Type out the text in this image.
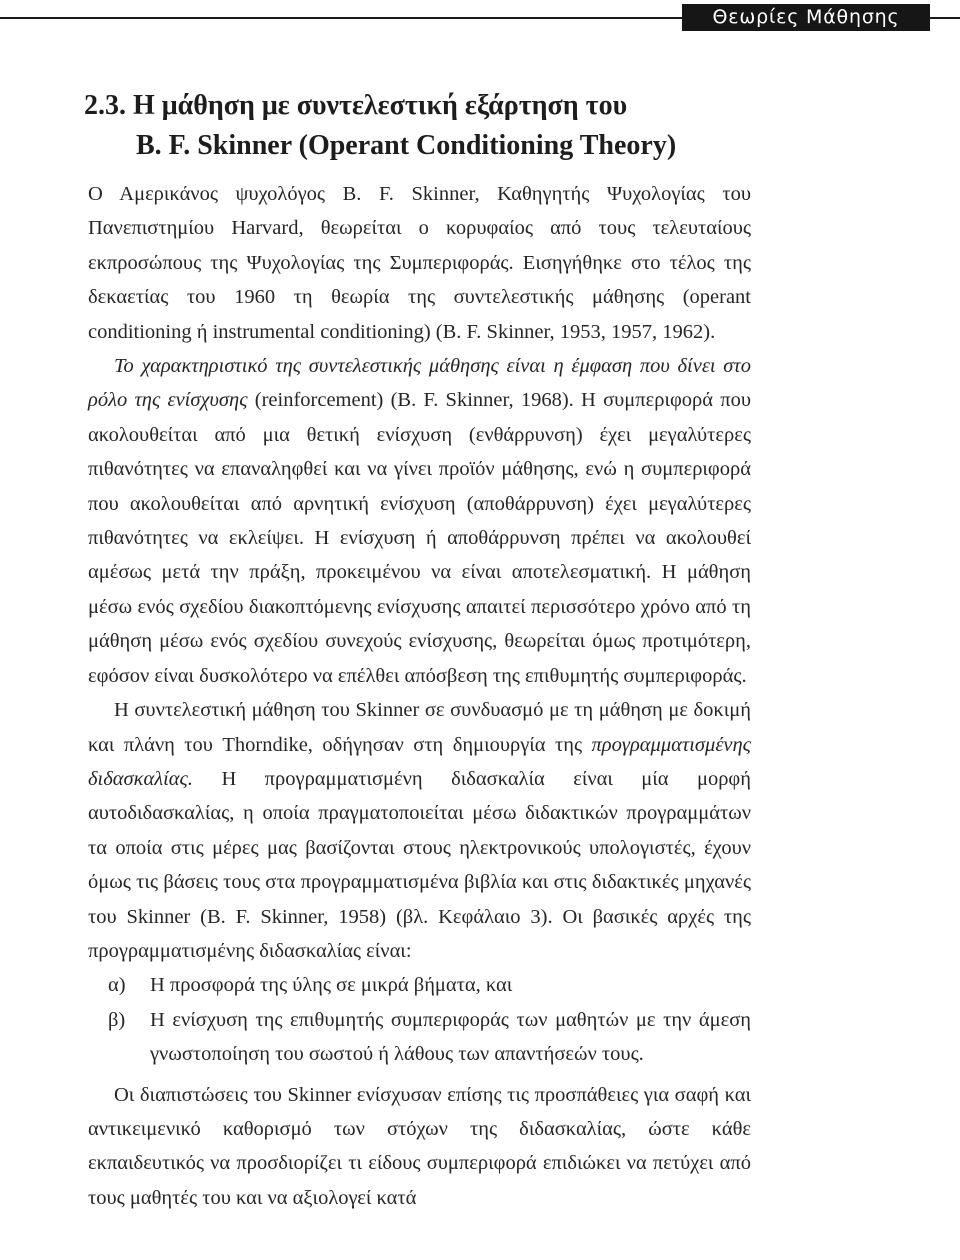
Θεωρίες Μάθησης
2.3. Η μάθηση με συντελεστική εξάρτηση του
B. F. Skinner (Operant Conditioning Theory)

Ο Αμερικάνος ψυχολόγος Β. F. Skinner, Καθηγητής Ψυχολογίας του Πανεπιστημίου Harvard, θεωρείται ο κορυφαίος από τους τελευταίους εκπροσώπους της Ψυχολογίας της Συμπεριφοράς. Εισηγήθηκε στο τέλος της δεκαετίας του 1960 τη θεωρία της συντελεστικής μάθησης (operant conditioning ή instrumental conditioning) (B. F. Skinner, 1953, 1957, 1962).

Το χαρακτηριστικό της συντελεστικής μάθησης είναι η έμφαση που δίνει στο ρόλο της ενίσχυσης (reinforcement) (B. F. Skinner, 1968). Η συμπεριφορά που ακολουθείται από μια θετική ενίσχυση (ενθάρρυνση) έχει μεγαλύτερες πιθανότητες να επαναληφθεί και να γίνει προϊόν μάθησης, ενώ η συμπεριφορά που ακολουθείται από αρνητική ενίσχυση (αποθάρρυνση) έχει μεγαλύτερες πιθανότητες να εκλείψει. Η ενίσχυση ή αποθάρρυνση πρέπει να ακολουθεί αμέσως μετά την πράξη, προκειμένου να είναι αποτελεσματική. Η μάθηση μέσω ενός σχεδίου διακοπτόμενης ενίσχυσης απαιτεί περισσότερο χρόνο από τη μάθηση μέσω ενός σχεδίου συνεχούς ενίσχυσης, θεωρείται όμως προτιμότερη, εφόσον είναι δυσκολότερο να επέλθει απόσβεση της επιθυμητής συμπεριφοράς.

Η συντελεστική μάθηση του Skinner σε συνδυασμό με τη μάθηση με δοκιμή και πλάνη του Thorndike, οδήγησαν στη δημιουργία της προγραμματισμένης διδασκαλίας. Η προγραμματισμένη διδασκαλία είναι μία μορφή αυτοδιδασκαλίας, η οποία πραγματοποιείται μέσω διδακτικών προγραμμάτων τα οποία στις μέρες μας βασίζονται στους ηλεκτρονικούς υπολογιστές, έχουν όμως τις βάσεις τους στα προγραμματισμένα βιβλία και στις διδακτικές μηχανές του Skinner (B. F. Skinner, 1958) (βλ. Κεφάλαιο 3). Οι βασικές αρχές της προγραμματισμένης διδασκαλίας είναι:

α) Η προσφορά της ύλης σε μικρά βήματα, και
β) Η ενίσχυση της επιθυμητής συμπεριφοράς των μαθητών με την άμεση γνωστοποίηση του σωστού ή λάθους των απαντήσεών τους.

Οι διαπιστώσεις του Skinner ενίσχυσαν επίσης τις προσπάθειες για σαφή και αντικειμενικό καθορισμό των στόχων της διδασκαλίας, ώστε κάθε εκπαιδευτικός να προσδιορίζει τι είδους συμπεριφορά επιδιώκει να πετύχει από τους μαθητές του και να αξιολογεί κατά
